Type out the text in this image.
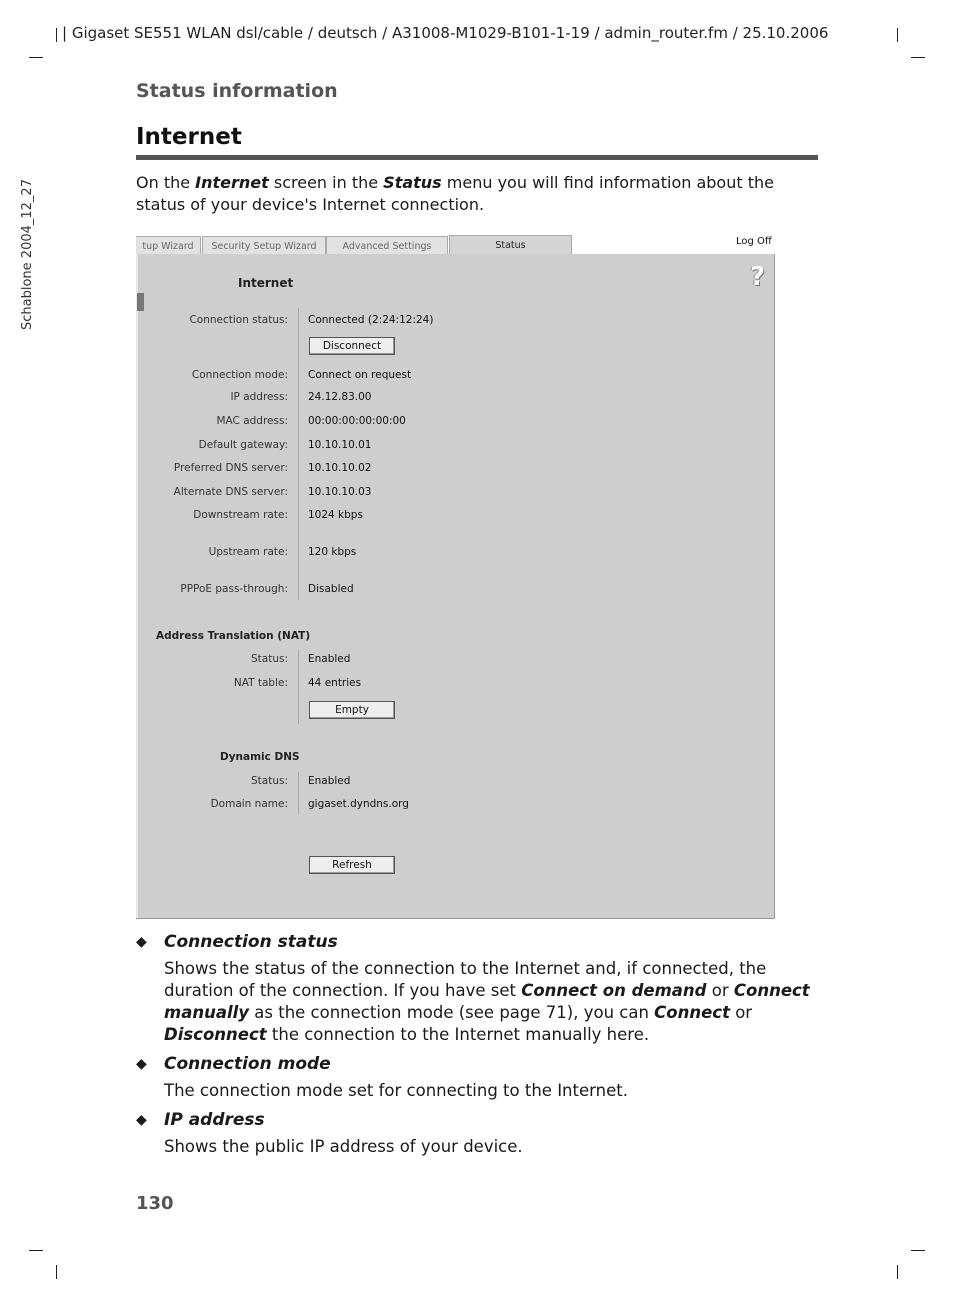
| Gigaset SE551 WLAN dsl/cable / deutsch / A31008-M1029-B101-1-19 / admin_router.fm / 25.10.2006
Schablone 2004_12_27
Status information
Internet
On the Internet screen in the Status menu you will find information about the status of your device's Internet connection.
tup Wizard	Security Setup Wizard	Advanced Settings	Status	Log Off
?
Internet
Connection status: Connected (2:24:12:24)
Disconnect
Connection mode: Connect on request
IP address: 24.12.83.00
MAC address: 00:00:00:00:00:00
Default gateway: 10.10.10.01
Preferred DNS server: 10.10.10.02
Alternate DNS server: 10.10.10.03
Downstream rate: 1024 kbps
Upstream rate: 120 kbps
PPPoE pass-through: Disabled
Address Translation (NAT)
Status: Enabled
NAT table: 44 entries
Empty
Dynamic DNS
Status: Enabled
Domain name: gigaset.dyndns.org
Refresh
◆ Connection status
Shows the status of the connection to the Internet and, if connected, the duration of the connection. If you have set Connect on demand or Connect manually as the connection mode (see page 71), you can Connect or Disconnect the connection to the Internet manually here.
◆ Connection mode
The connection mode set for connecting to the Internet.
◆ IP address
Shows the public IP address of your device.
130
